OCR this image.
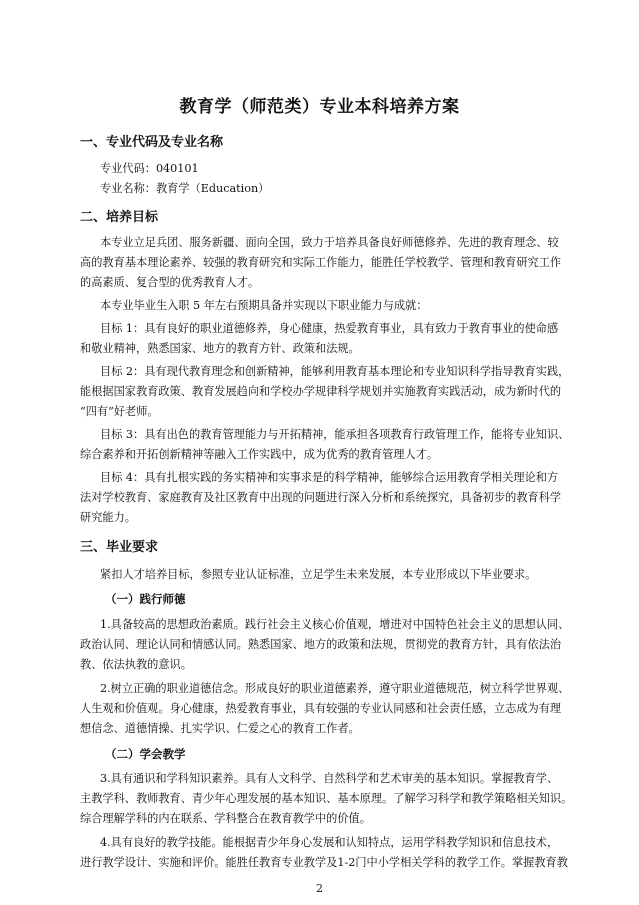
教育学（师范类）专业本科培养方案
一、专业代码及专业名称
专业代码：040101
专业名称：教育学（Education）
二、培养目标
本专业立足兵团、服务新疆、面向全国，致力于培养具备良好师德修养、先进的教育理念、较
高的教育基本理论素养、较强的教育研究和实际工作能力，能胜任学校教学、管理和教育研究工作
的高素质、复合型的优秀教育人才。
本专业毕业生入职 5 年左右预期具备并实现以下职业能力与成就：
目标 1：具有良好的职业道德修养，身心健康，热爱教育事业，具有致力于教育事业的使命感
和敬业精神，熟悉国家、地方的教育方针、政策和法规。
目标 2：具有现代教育理念和创新精神，能够利用教育基本理论和专业知识科学指导教育实践，
能根据国家教育政策、教育发展趋向和学校办学规律科学规划并实施教育实践活动，成为新时代的
“四有”好老师。
目标 3：具有出色的教育管理能力与开拓精神，能承担各项教育行政管理工作，能将专业知识、
综合素养和开拓创新精神等融入工作实践中，成为优秀的教育管理人才。
目标 4：具有扎根实践的务实精神和实事求是的科学精神，能够综合运用教育学相关理论和方
法对学校教育、家庭教育及社区教育中出现的问题进行深入分析和系统探究，具备初步的教育科学
研究能力。
三、毕业要求
紧扣人才培养目标，参照专业认证标准，立足学生未来发展，本专业形成以下毕业要求。
（一）践行师德
1.具备较高的思想政治素质。践行社会主义核心价值观，增进对中国特色社会主义的思想认同、
政治认同、理论认同和情感认同。熟悉国家、地方的政策和法规，贯彻党的教育方针，具有依法治
教、依法执教的意识。
2.树立正确的职业道德信念。形成良好的职业道德素养，遵守职业道德规范，树立科学世界观、
人生观和价值观。身心健康，热爱教育事业，具有较强的专业认同感和社会责任感，立志成为有理
想信念、道德情操、扎实学识、仁爱之心的教育工作者。
（二）学会教学
3.具有通识和学科知识素养。具有人文科学、自然科学和艺术审美的基本知识。掌握教育学、
主教学科、教师教育、青少年心理发展的基本知识、基本原理。了解学习科学和教学策略相关知识。
综合理解学科的内在联系、学科整合在教育教学中的价值。
4.具有良好的教学技能。能根据青少年身心发展和认知特点，运用学科教学知识和信息技术，
进行教学设计、实施和评价。能胜任教育专业教学及1-2门中小学相关学科的教学工作。掌握教育教
2
